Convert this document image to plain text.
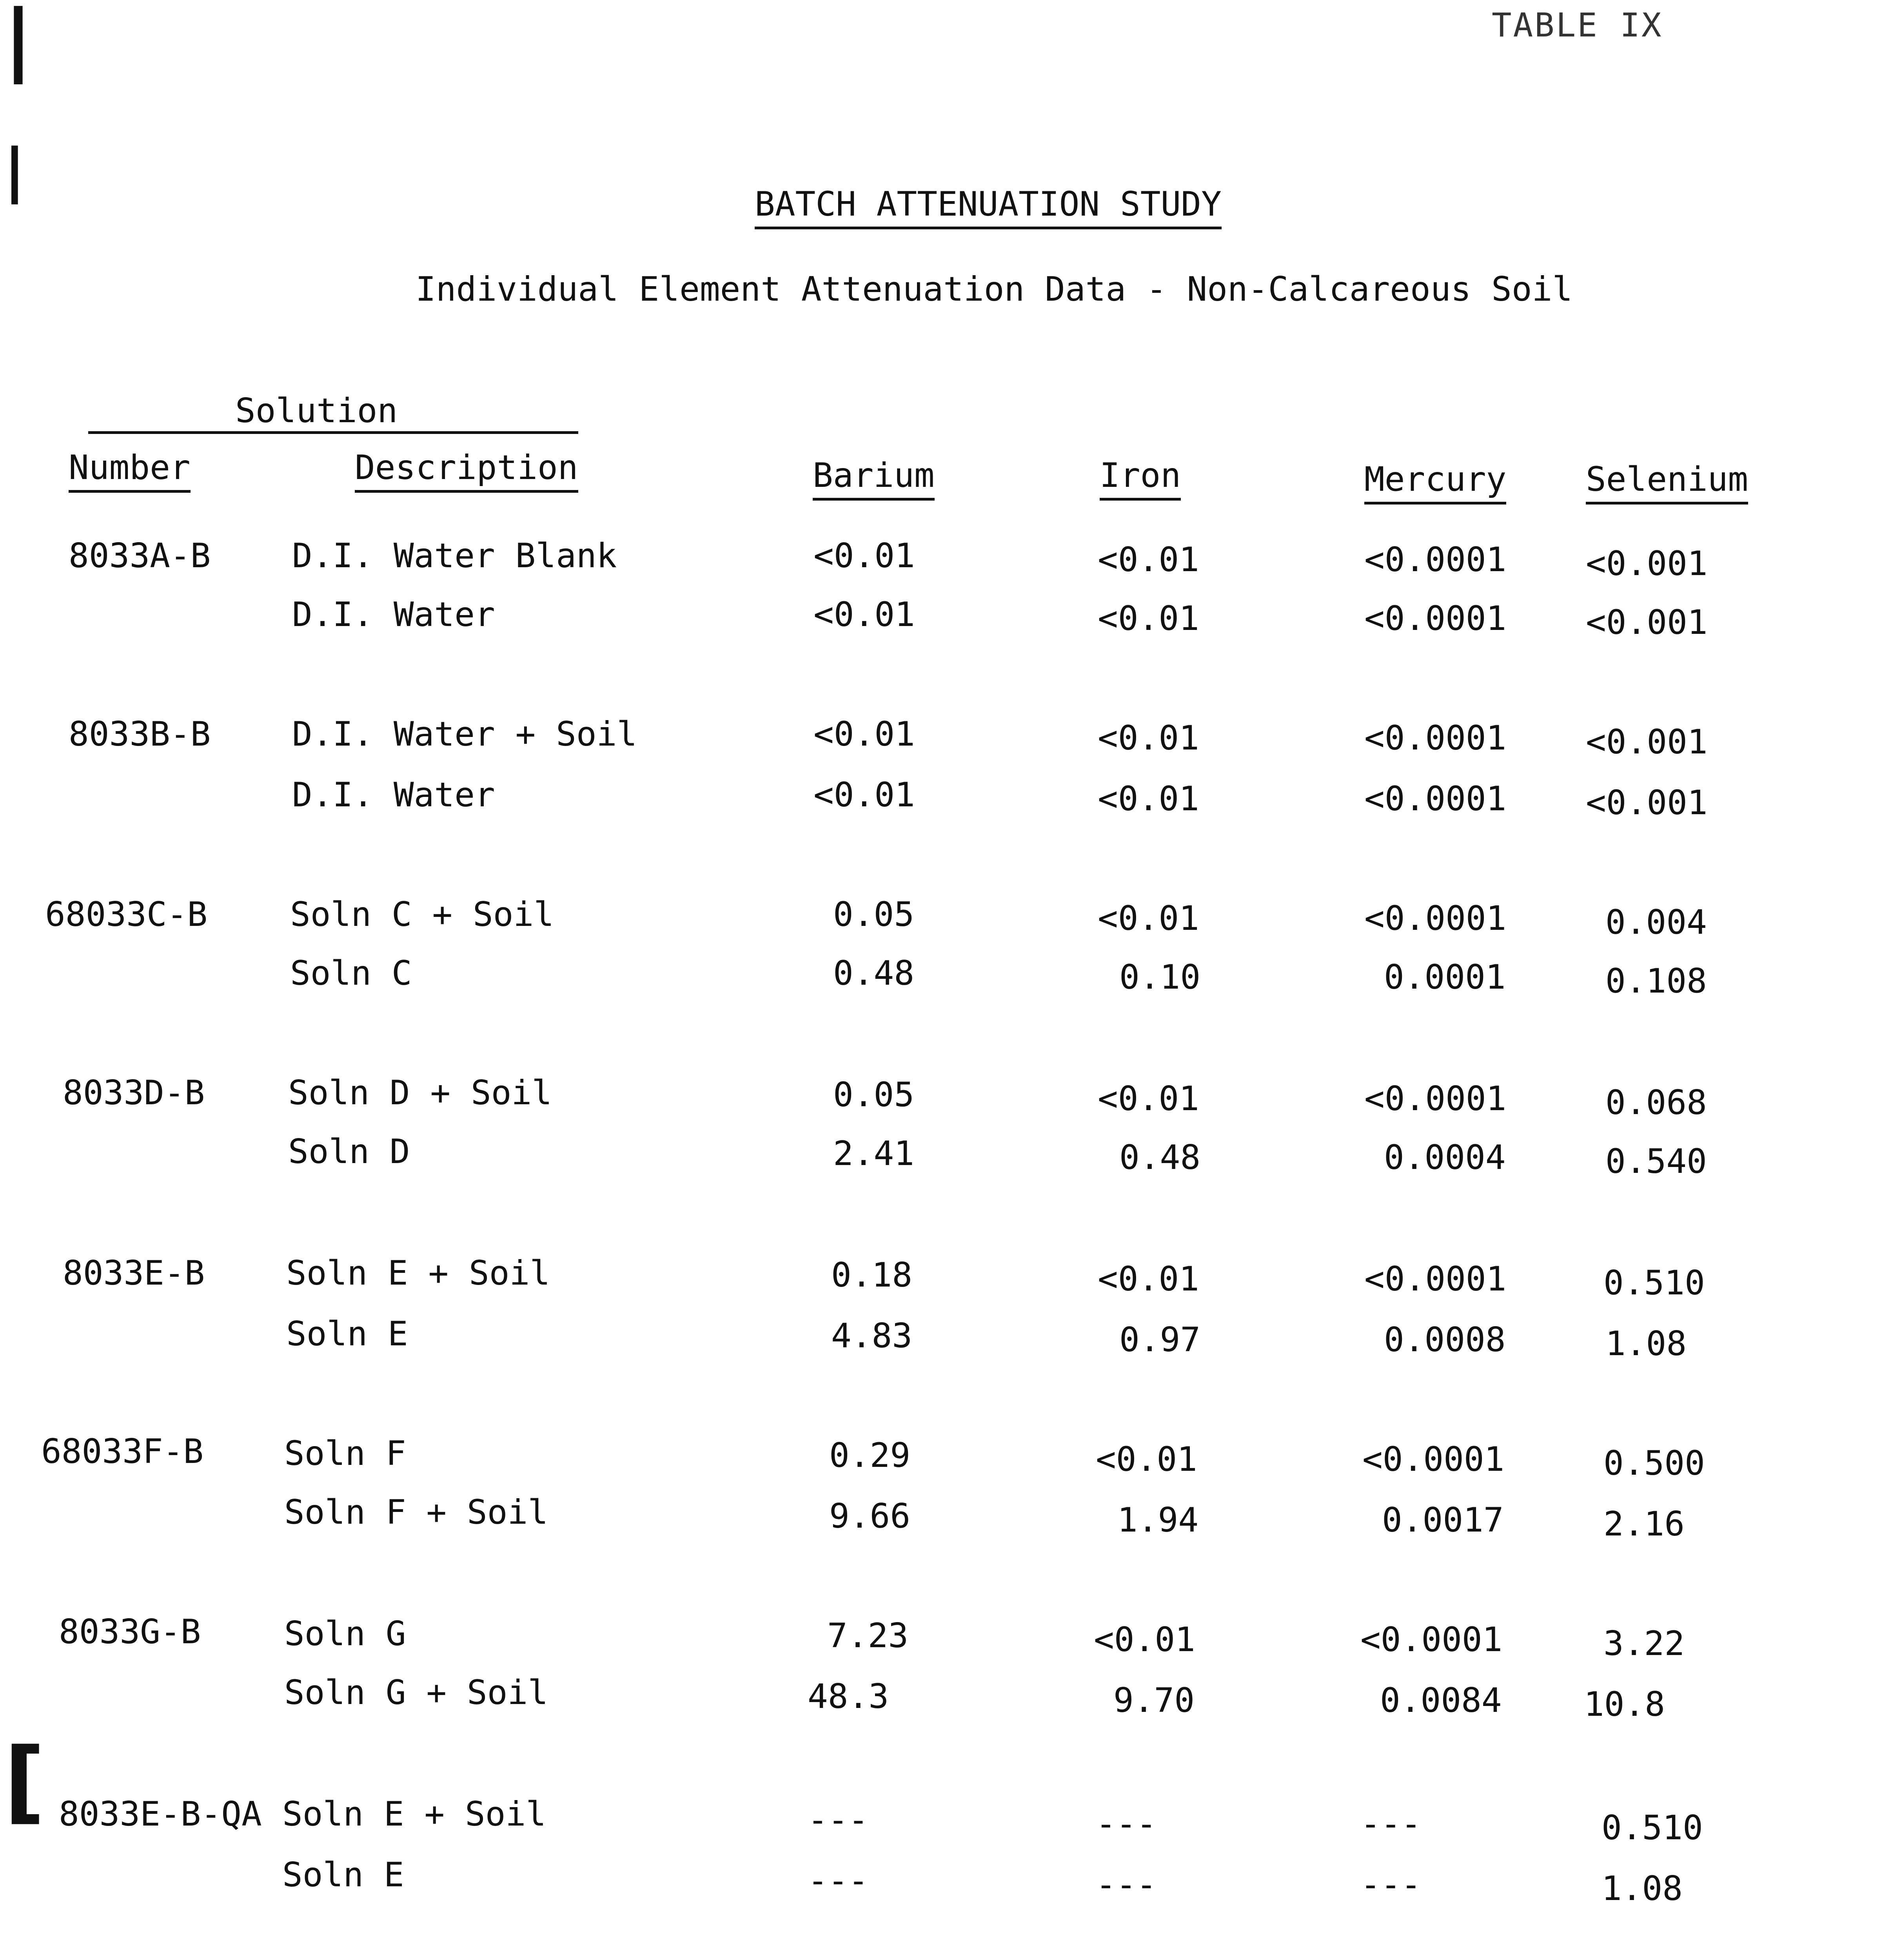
|
|
[
TABLE IX
BATCH ATTENUATION STUDY
Individual Element Attenuation Data - Non-Calcareous Soil
Solution
Number	Description	Barium	Iron	Mercury Selenium
8033A-B D.I. Water Blank	<0.01	<0.01	<0.0001 <0.001
D.I. Water	<0.01	<0.01	<0.0001 <0.001
8033B-B D.I. Water + Soil	<0.01	<0.01	<0.0001 <0.001
D.I. Water	<0.01	<0.01	<0.0001 <0.001
68033C-B Soln C + Soil	0.05	<0.01	<0.0001	0.004
Soln C	0.48	0.10	0.0001	0.108
8033D-B Soln D + Soil	0.05	<0.01	<0.0001	0.068
Soln D	2.41	0.48	0.0004	0.540
8033E-B Soln E + Soil	0.18	<0.01	<0.0001	0.510
Soln E	4.83	0.97	0.0008	1.08
68033F-B Soln F	0.29	<0.01	<0.0001	0.500
Soln F + Soil	9.66	1.94	0.0017	2.16
8033G-B Soln G	7.23	<0.01	<0.0001	3.22
Soln G + Soil	48.3	9.70	0.0084 10.8
8033E-B-QA Soln E + Soil	---	---	---	0.510
Soln E	---	---	---	1.08
